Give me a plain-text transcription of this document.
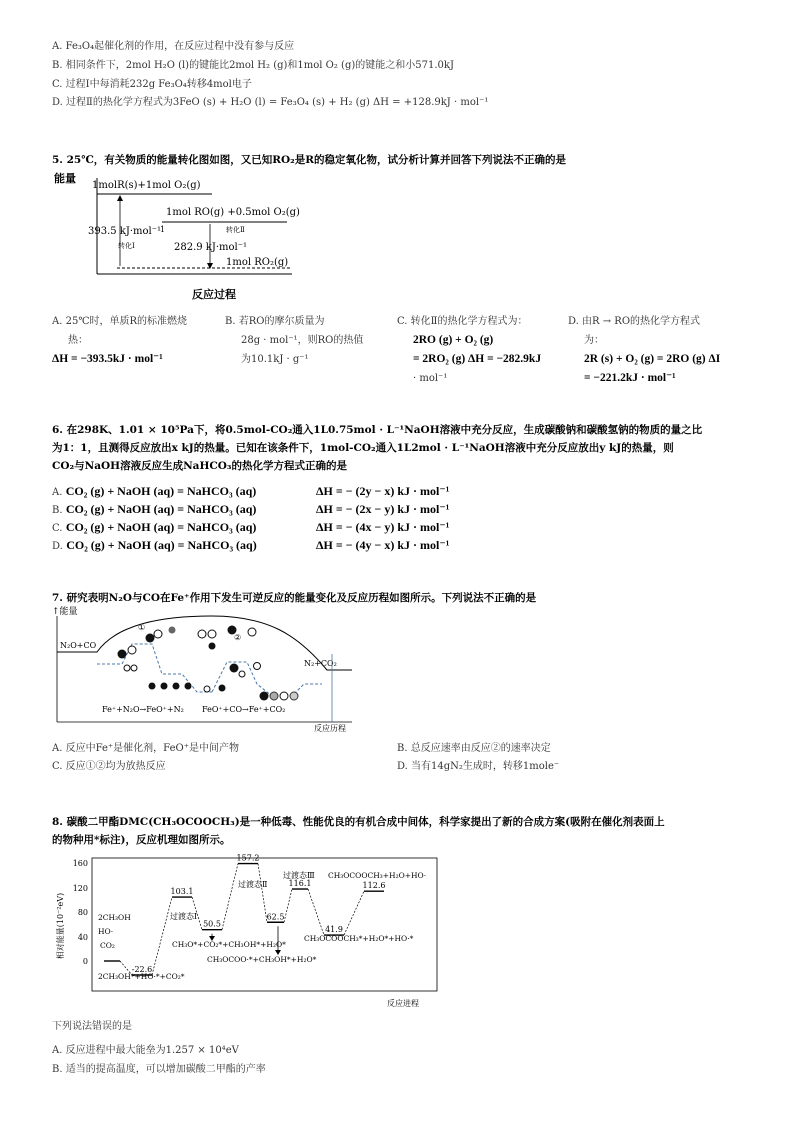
A. Fe₃O₄起催化剂的作用，在反应过程中没有参与反应
B. 相同条件下，2mol H₂O (l)的键能比2mol H₂ (g)和1mol O₂ (g)的键能之和小571.0kJ
C. 过程Ⅰ中每消耗232g Fe₃O₄转移4mol电子
D. 过程Ⅱ的热化学方程式为3FeO (s) + H₂O (l) = Fe₃O₄ (s) + H₂ (g) ΔH = +128.9kJ · mol⁻¹
5. 25℃，有关物质的能量转化图如图，又已知RO₂是R的稳定氧化物，试分析计算并回答下列说法不正确的是
能量
反应过程
1molR(s)+1mol O₂(g)
1mol RO(g) +0.5mol O₂(g)
1mol RO₂(g)
393.5 kJ·mol⁻¹
转化Ⅰ
1	转化Ⅱ
282.9 kJ·mol⁻¹
A. 25℃时，单质R的标准燃烧
热：
ΔH = −393.5kJ · mol⁻¹
B. 若RO的摩尔质量为
28g · mol⁻¹，则RO的热值
为10.1kJ · g⁻¹
C. 转化Ⅱ的热化学方程式为：
2RO (g) + O₂ (g)
= 2RO₂ (g) ΔH = −282.9kJ
· mol⁻¹
D. 由R → RO的热化学方程式
为：
2R (s) + O₂ (g) = 2RO (g) ΔI
= −221.2kJ · mol⁻¹
6. 在298K、1.01 × 10⁵Pa下，将0.5mol-CO₂通入1L0.75mol · L⁻¹NaOH溶液中充分反应，生成碳酸钠和碳酸氢钠的物质的量之比
为1：1，且测得反应放出x kJ的热量。已知在该条件下，1mol-CO₂通入1L2mol · L⁻¹NaOH溶液中充分反应放出y kJ的热量，则
CO₂与NaOH溶液反应生成NaHCO₃的热化学方程式正确的是
A. CO₂ (g) + NaOH (aq) = NaHCO₃ (aq)	ΔH = − (2y − x) kJ · mol⁻¹
B. CO₂ (g) + NaOH (aq) = NaHCO₃ (aq)	ΔH = − (2x − y) kJ · mol⁻¹
C. CO₂ (g) + NaOH (aq) = NaHCO₃ (aq)	ΔH = − (4x − y) kJ · mol⁻¹
D. CO₂ (g) + NaOH (aq) = NaHCO₃ (aq)	ΔH = − (4y − x) kJ · mol⁻¹
7. 研究表明N₂O与CO在Fe⁺作用下发生可逆反应的能量变化及反应历程如图所示。下列说法不正确的是
↑能量
反应历程
N₂O+CO
N₂+CO₂
①
②
Fe⁺+N₂O→FeO⁺+N₂ FeO⁺+CO→Fe⁺+CO₂
A. 反应中Fe⁺是催化剂，FeO⁺是中间产物	B. 总反应速率由反应②的速率决定
C. 反应①②均为放热反应	D. 当有14gN₂生成时，转移1mole⁻
8. 碳酸二甲酯DMC(CH₃OCOOCH₃)是一种低毒、性能优良的有机合成中间体，科学家提出了新的合成方案(吸附在催化剂表面上
的物种用*标注)，反应机理如图所示。
相对能量(10⁻²eV)
反应进程
160
120
80
40
0
-22.6
103.1
50.5
157.2
62.5
116.1
41.9
112.6
2CH₃OH
HO·
CO₂
2CH₃OH*+HO·*+CO₂*
过渡态Ⅰ
过渡态Ⅱ
过渡态Ⅲ
CH₃O*+CO₂*+CH₃OH*+H₂O*
CH₃OCOO·*+CH₃OH*+H₂O*
CH₃OCOOCH₃*+H₂O*+HO·*
CH₃OCOOCH₃+H₂O+HO·
下列说法错误的是
A. 反应进程中最大能垒为1.257 × 10⁴eV
B. 适当的提高温度，可以增加碳酸二甲酯的产率
